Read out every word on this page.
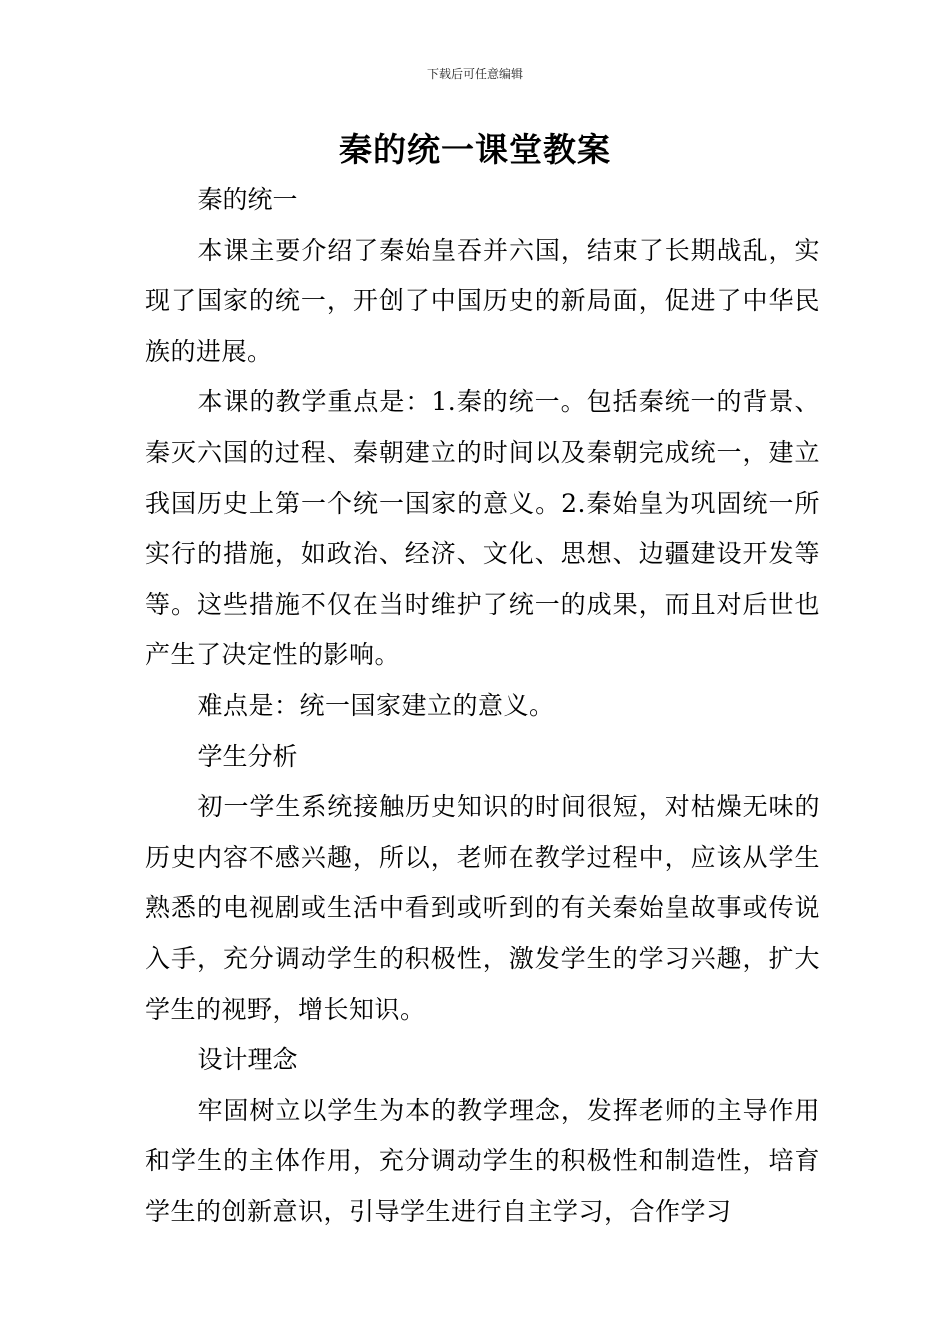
下载后可任意编辑
秦的统一课堂教案

秦的统一

本课主要介绍了秦始皇吞并六国，结束了长期战乱，实现了国家的统一，开创了中国历史的新局面，促进了中华民族的进展。

本课的教学重点是：1.秦的统一。包括秦统一的背景、秦灭六国的过程、秦朝建立的时间以及秦朝完成统一，建立我国历史上第一个统一国家的意义。2.秦始皇为巩固统一所实行的措施，如政治、经济、文化、思想、边疆建设开发等等。这些措施不仅在当时维护了统一的成果，而且对后世也产生了决定性的影响。

难点是：统一国家建立的意义。

学生分析

初一学生系统接触历史知识的时间很短，对枯燥无味的历史内容不感兴趣，所以，老师在教学过程中，应该从学生熟悉的电视剧或生活中看到或听到的有关秦始皇故事或传说入手，充分调动学生的积极性，激发学生的学习兴趣，扩大学生的视野，增长知识。

设计理念

牢固树立以学生为本的教学理念，发挥老师的主导作用和学生的主体作用，充分调动学生的积极性和制造性，培育学生的创新意识，引导学生进行自主学习，合作学习
